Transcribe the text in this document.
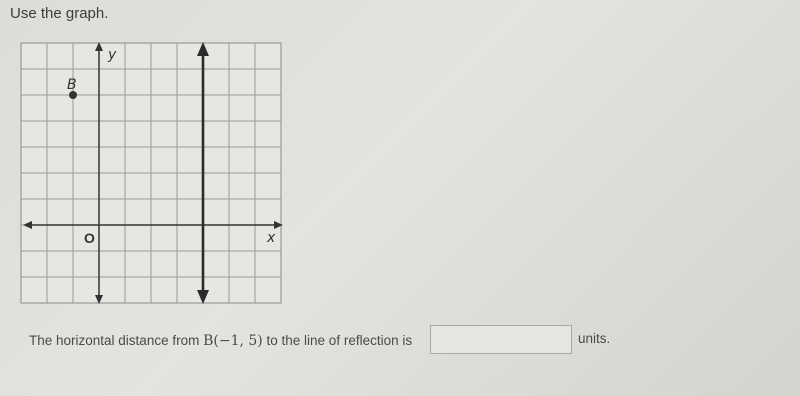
Use the graph.
y
x
O
B
The horizontal distance from B(−1, 5) to the line of reflection is	units.
